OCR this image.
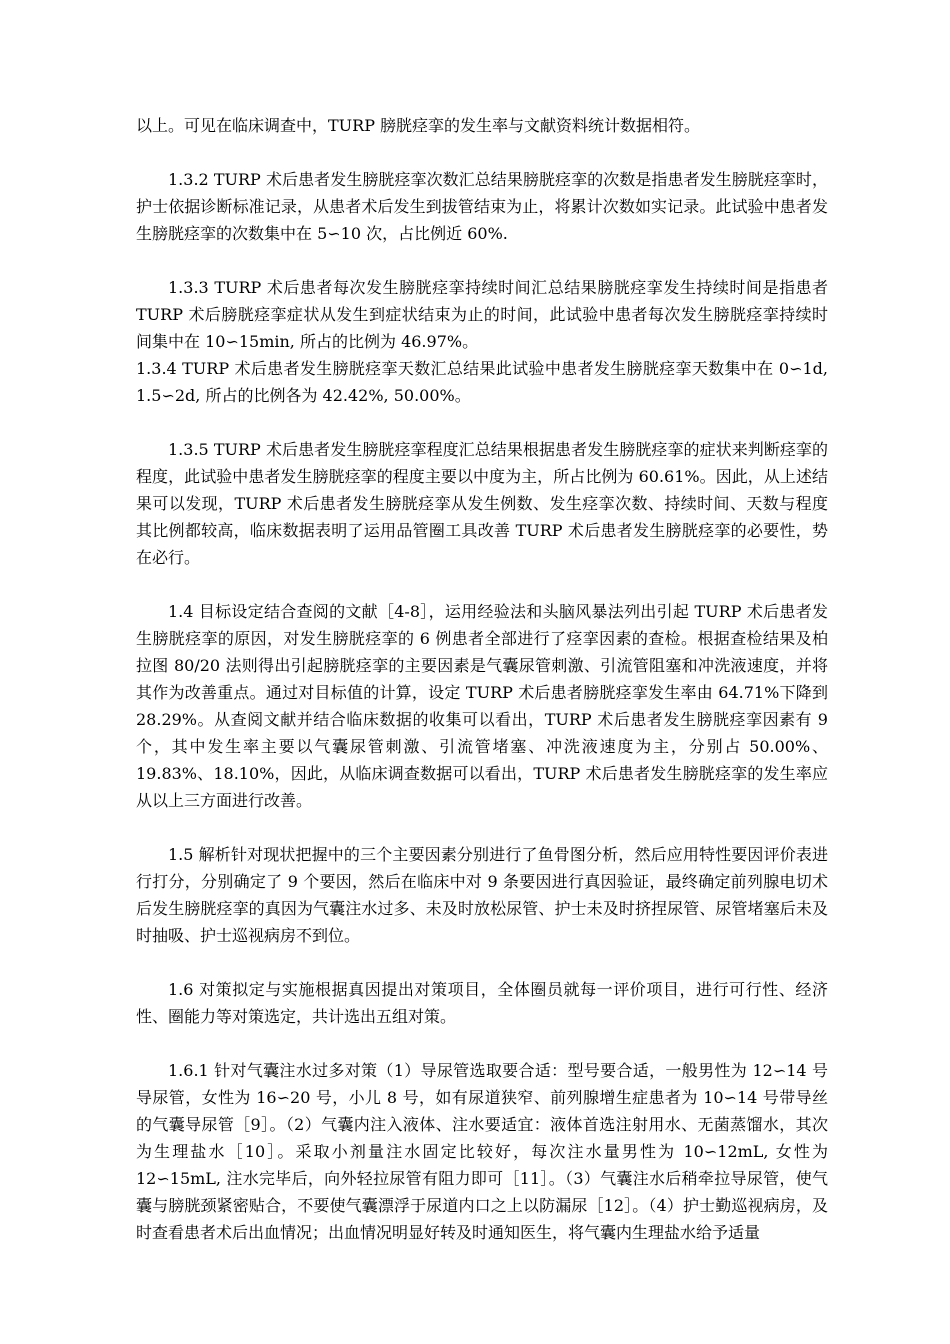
以上。可见在临床调查中，TURP 膀胱痉挛的发生率与文献资料统计数据相符。

1.3.2 TURP 术后患者发生膀胱痉挛次数汇总结果膀胱痉挛的次数是指患者发生膀胱痉挛时，护士依据诊断标准记录，从患者术后发生到拔管结束为止，将累计次数如实记录。此试验中患者发生膀胱痉挛的次数集中在 5∽10 次，占比例近 60%.

1.3.3 TURP 术后患者每次发生膀胱痉挛持续时间汇总结果膀胱痉挛发生持续时间是指患者 TURP 术后膀胱痉挛症状从发生到症状结束为止的时间，此试验中患者每次发生膀胱痉挛持续时间集中在 10∽15min, 所占的比例为 46.97%。

1.3.4 TURP 术后患者发生膀胱痉挛天数汇总结果此试验中患者发生膀胱痉挛天数集中在 0∽1d, 1.5∽2d, 所占的比例各为 42.42%, 50.00%。

1.3.5 TURP 术后患者发生膀胱痉挛程度汇总结果根据患者发生膀胱痉挛的症状来判断痉挛的程度，此试验中患者发生膀胱痉挛的程度主要以中度为主，所占比例为 60.61%。因此，从上述结果可以发现，TURP 术后患者发生膀胱痉挛从发生例数、发生痉挛次数、持续时间、天数与程度其比例都较高，临床数据表明了运用品管圈工具改善 TURP 术后患者发生膀胱痉挛的必要性，势在必行。

1.4 目标设定结合查阅的文献［4-8］，运用经验法和头脑风暴法列出引起 TURP 术后患者发生膀胱痉挛的原因，对发生膀胱痉挛的 6 例患者全部进行了痉挛因素的查检。根据查检结果及柏拉图 80/20 法则得出引起膀胱痉挛的主要因素是气囊尿管刺激、引流管阻塞和冲洗液速度，并将其作为改善重点。通过对目标值的计算，设定 TURP 术后患者膀胱痉挛发生率由 64.71%下降到 28.29%。从查阅文献并结合临床数据的收集可以看出，TURP 术后患者发生膀胱痉挛因素有 9 个，其中发生率主要以气囊尿管刺激、引流管堵塞、冲洗液速度为主，分别占 50.00%、19.83%、18.10%，因此，从临床调查数据可以看出，TURP 术后患者发生膀胱痉挛的发生率应从以上三方面进行改善。

1.5 解析针对现状把握中的三个主要因素分别进行了鱼骨图分析，然后应用特性要因评价表进行打分，分别确定了 9 个要因，然后在临床中对 9 条要因进行真因验证，最终确定前列腺电切术后发生膀胱痉挛的真因为气囊注水过多、未及时放松尿管、护士未及时挤捏尿管、尿管堵塞后未及时抽吸、护士巡视病房不到位。

1.6 对策拟定与实施根据真因提出对策项目，全体圈员就每一评价项目，进行可行性、经济性、圈能力等对策选定，共计选出五组对策。

1.6.1 针对气囊注水过多对策（1）导尿管选取要合适：型号要合适，一般男性为 12∽14 号导尿管，女性为 16∽20 号，小儿 8 号，如有尿道狭窄、前列腺增生症患者为 10∽14 号带导丝的气囊导尿管［9］。（2）气囊内注入液体、注水要适宜：液体首选注射用水、无菌蒸馏水，其次为生理盐水［10］。采取小剂量注水固定比较好，每次注水量男性为 10∽12mL, 女性为 12∽15mL, 注水完毕后，向外轻拉尿管有阻力即可［11］。（3）气囊注水后稍牵拉导尿管，使气囊与膀胱颈紧密贴合，不要使气囊漂浮于尿道内口之上以防漏尿［12］。（4）护士勤巡视病房，及时查看患者术后出血情况；出血情况明显好转及时通知医生，将气囊内生理盐水给予适量
